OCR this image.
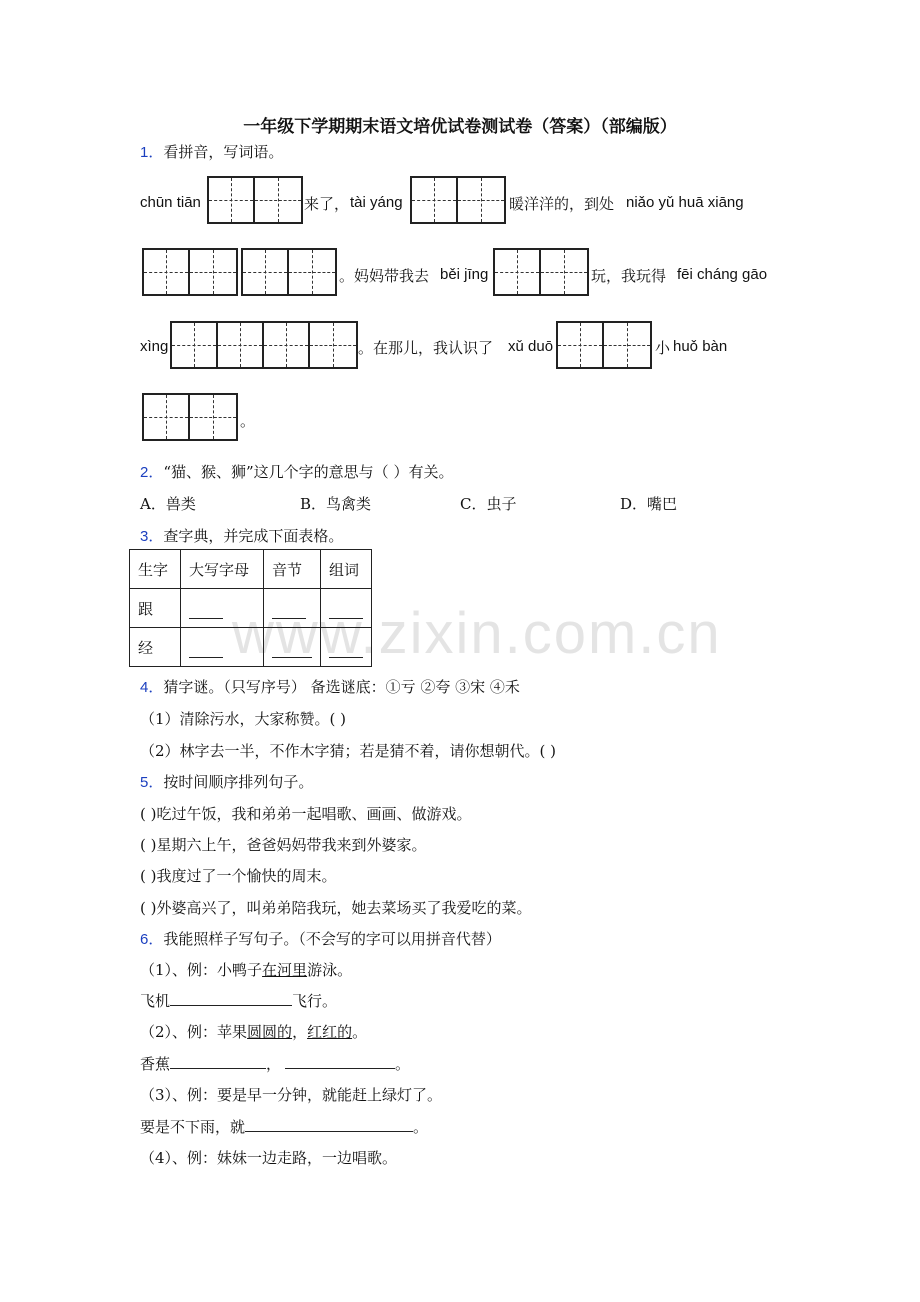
www.zixin.com.cn
一年级下学期期末语文培优试卷测试卷（答案）（部编版）
1．看拼音，写词语。
chūn tiān	来了， tài yáng	暖洋洋的，到处 niǎo yǔ huā xiāng
。妈妈带我去 běi jīng	玩，我玩得 fēi cháng gāo
xìng	。在那儿，我认识了 xǔ duō	小 huǒ bàn
。
2．“猫、猴、狮”这几个字的意思与（ ）有关。
A．兽类	B．鸟禽类	C．虫子	D．嘴巴
3．查字典，并完成下面表格。
生字	大写字母	音节	组词
跟			
经			
4．猜字谜。（只写序号） 备选谜底：①亏 ②夸 ③宋 ④禾
（1）清除污水，大家称赞。( )
（2）林字去一半，不作木字猜；若是猜不着，请你想朝代。( )
5．按时间顺序排列句子。
( )吃过午饭，我和弟弟一起唱歌、画画、做游戏。
( )星期六上午，爸爸妈妈带我来到外婆家。
( )我度过了一个愉快的周末。
( )外婆高兴了，叫弟弟陪我玩，她去菜场买了我爱吃的菜。
6．我能照样子写句子。（不会写的字可以用拼音代替）
（1）、例：小鸭子在河里游泳。
飞机	飞行。
（2）、例：苹果圆圆的，红红的。
香蕉	，	。
（3）、例：要是早一分钟，就能赶上绿灯了。
要是不下雨，就	。
（4）、例：妹妹一边走路，一边唱歌。
